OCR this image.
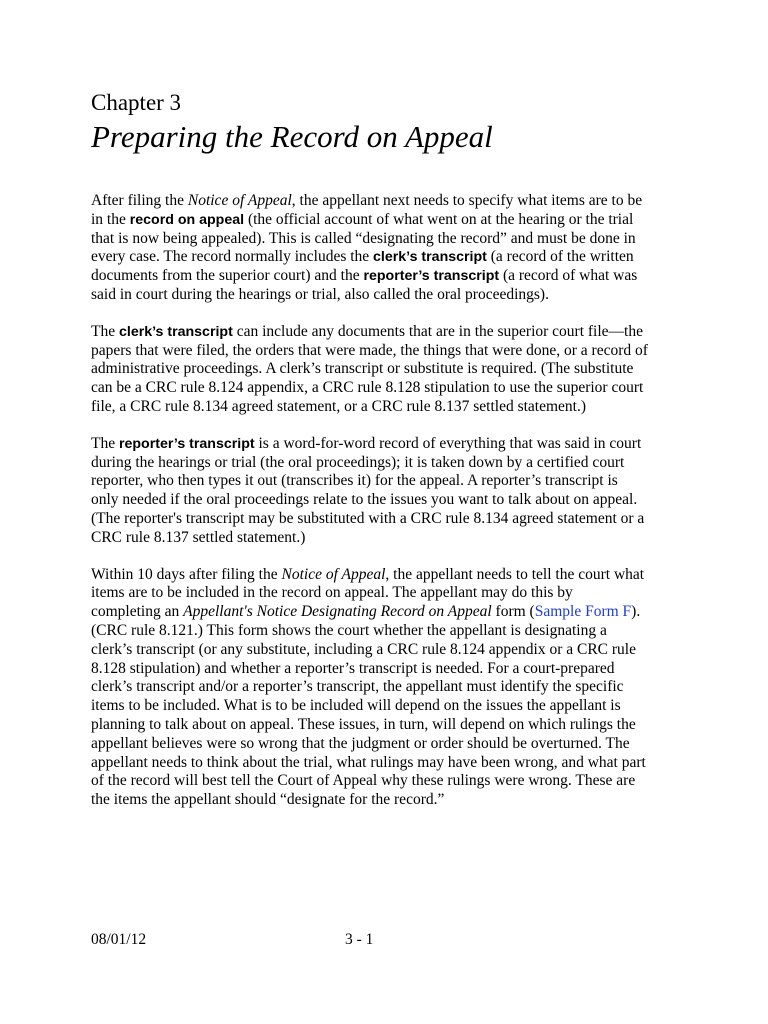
Chapter 3
Preparing the Record on Appeal

After filing the Notice of Appeal, the appellant next needs to specify what items are to be
in the record on appeal (the official account of what went on at the hearing or the trial
that is now being appealed). This is called “designating the record” and must be done in
every case. The record normally includes the clerk’s transcript (a record of the written
documents from the superior court) and the reporter’s transcript (a record of what was
said in court during the hearings or trial, also called the oral proceedings).

The clerk’s transcript can include any documents that are in the superior court file—the
papers that were filed, the orders that were made, the things that were done, or a record of
administrative proceedings. A clerk’s transcript or substitute is required. (The substitute
can be a CRC rule 8.124 appendix, a CRC rule 8.128 stipulation to use the superior court
file, a CRC rule 8.134 agreed statement, or a CRC rule 8.137 settled statement.)

The reporter’s transcript is a word-for-word record of everything that was said in court
during the hearings or trial (the oral proceedings); it is taken down by a certified court
reporter, who then types it out (transcribes it) for the appeal. A reporter’s transcript is
only needed if the oral proceedings relate to the issues you want to talk about on appeal.
(The reporter's transcript may be substituted with a CRC rule 8.134 agreed statement or a
CRC rule 8.137 settled statement.)

Within 10 days after filing the Notice of Appeal, the appellant needs to tell the court what
items are to be included in the record on appeal. The appellant may do this by
completing an Appellant's Notice Designating Record on Appeal form (Sample Form F).
(CRC rule 8.121.) This form shows the court whether the appellant is designating a
clerk’s transcript (or any substitute, including a CRC rule 8.124 appendix or a CRC rule
8.128 stipulation) and whether a reporter’s transcript is needed. For a court-prepared
clerk’s transcript and/or a reporter’s transcript, the appellant must identify the specific
items to be included. What is to be included will depend on the issues the appellant is
planning to talk about on appeal. These issues, in turn, will depend on which rulings the
appellant believes were so wrong that the judgment or order should be overturned. The
appellant needs to think about the trial, what rulings may have been wrong, and what part
of the record will best tell the Court of Appeal why these rulings were wrong. These are
the items the appellant should “designate for the record.”

08/01/12	3 - 1
